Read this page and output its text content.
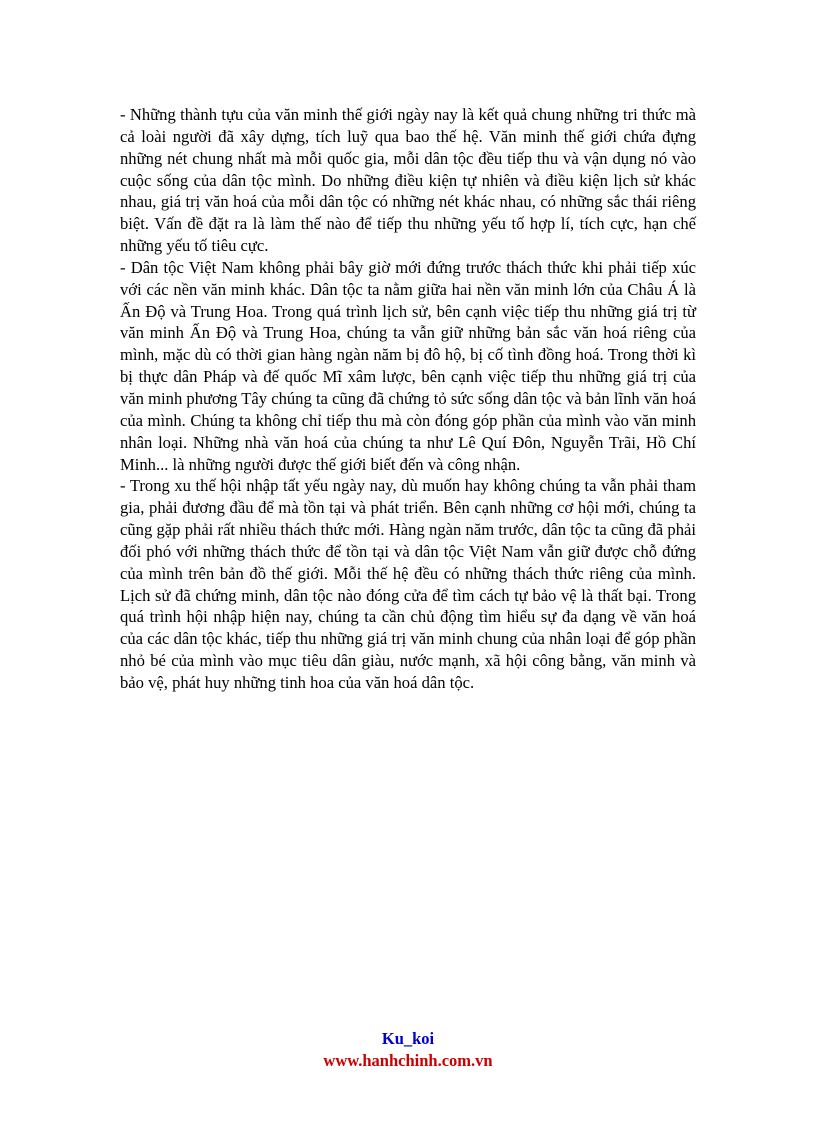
- Những thành tựu của văn minh thế giới ngày nay là kết quả chung những tri thức mà cả loài người đã xây dựng, tích luỹ qua bao thế hệ. Văn minh thế giới chứa đựng những nét chung nhất mà mỗi quốc gia, mỗi dân tộc đều tiếp thu và vận dụng nó vào cuộc sống của dân tộc mình. Do những điều kiện tự nhiên và điều kiện lịch sử khác nhau, giá trị văn hoá của mỗi dân tộc có những nét khác nhau, có những sắc thái riêng biệt. Vấn đề đặt ra là làm thế nào để tiếp thu những yếu tố hợp lí, tích cực, hạn chế những yếu tố tiêu cực.

- Dân tộc Việt Nam không phải bây giờ mới đứng trước thách thức khi phải tiếp xúc với các nền văn minh khác. Dân tộc ta nằm giữa hai nền văn minh lớn của Châu Á là Ấn Độ và Trung Hoa. Trong quá trình lịch sử, bên cạnh việc tiếp thu những giá trị từ văn minh Ấn Độ và Trung Hoa, chúng ta vẫn giữ những bản sắc văn hoá riêng của mình, mặc dù có thời gian hàng ngàn năm bị đô hộ, bị cố tình đồng hoá. Trong thời kì bị thực dân Pháp và đế quốc Mĩ xâm lược, bên cạnh việc tiếp thu những giá trị của văn minh phương Tây chúng ta cũng đã chứng tỏ sức sống dân tộc và bản lĩnh văn hoá của mình. Chúng ta không chỉ tiếp thu mà còn đóng góp phần của mình vào văn minh nhân loại. Những nhà văn hoá của chúng ta như Lê Quí Đôn, Nguyễn Trãi, Hồ Chí Minh... là những người được thế giới biết đến và công nhận.

- Trong xu thế hội nhập tất yếu ngày nay, dù muốn hay không chúng ta vẫn phải tham gia, phải đương đầu để mà tồn tại và phát triển. Bên cạnh những cơ hội mới, chúng ta cũng gặp phải rất nhiều thách thức mới. Hàng ngàn năm trước, dân tộc ta cũng đã phải đối phó với những thách thức để tồn tại và dân tộc Việt Nam vẫn giữ được chỗ đứng của mình trên bản đồ thế giới. Mỗi thế hệ đều có những thách thức riêng của mình. Lịch sử đã chứng minh, dân tộc nào đóng cửa để tìm cách tự bảo vệ là thất bại. Trong quá trình hội nhập hiện nay, chúng ta cần chủ động tìm hiểu sự đa dạng về văn hoá của các dân tộc khác, tiếp thu những giá trị văn minh chung của nhân loại để góp phần nhỏ bé của mình vào mục tiêu dân giàu, nước mạnh, xã hội công bằng, văn minh và bảo vệ, phát huy những tinh hoa của văn hoá dân tộc.

Ku_koi
www.hanhchinh.com.vn
